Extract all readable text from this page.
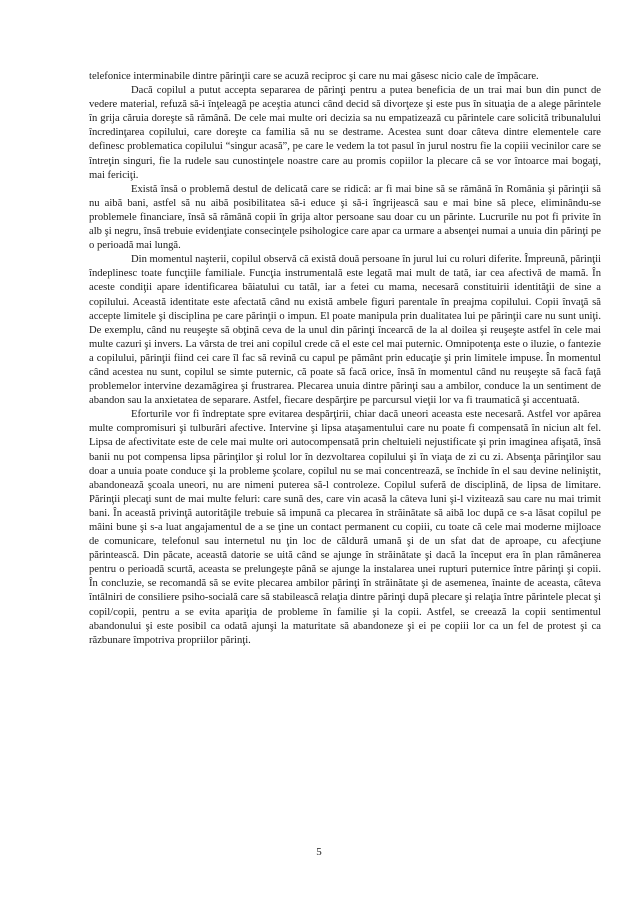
telefonice interminabile dintre părinţii care se acuză reciproc şi care nu mai găsesc nicio cale de împăcare.

Dacă copilul a putut accepta separarea de părinţi pentru a putea beneficia de un trai mai bun din punct de vedere material, refuză să-i înţeleagă pe aceştia atunci când decid să divorţeze şi este pus în situaţia de a alege părintele în grija căruia doreşte să rămână. De cele mai multe ori decizia sa nu empatizează cu părintele care solicită tribunalului încredinţarea copilului, care doreşte ca familia să nu se destrame. Acestea sunt doar câteva dintre elementele care definesc problematica copilului “singur acasă”, pe care le vedem la tot pasul în jurul nostru fie la copiii vecinilor care se întreţin singuri, fie la rudele sau cunostinţele noastre care au promis copiilor la plecare că se vor întoarce mai bogaţi, mai fericiţi.

Există însă o problemă destul de delicată care se ridică: ar fi mai bine să se rămână în România şi părinţii să nu aibă bani, astfel să nu aibă posibilitatea să-i educe şi să-i îngrijească sau e mai bine să plece, eliminându-se problemele financiare, însă să rămână copii în grija altor persoane sau doar cu un părinte. Lucrurile nu pot fi privite în alb şi negru, însă trebuie evidenţiate consecinţele psihologice care apar ca urmare a absenţei numai a unuia din părinţi pe o perioadă mai lungă.

Din momentul naşterii, copilul observă că există două persoane în jurul lui cu roluri diferite. Împreună, părinţii îndeplinesc toate funcţiile familiale. Funcţia instrumentală este legată mai mult de tată, iar cea afectivă de mamă. În aceste condiţii apare identificarea băiatului cu tatăl, iar a fetei cu mama, necesară constituirii identităţii de sine a copilului. Această identitate este afectată când nu există ambele figuri parentale în preajma copilului. Copii învaţă să accepte limitele şi disciplina pe care părinţii o impun. El poate manipula prin dualitatea lui pe părinţii care nu sunt uniţi. De exemplu, când nu reuşeşte să obţină ceva de la unul din părinţi încearcă de la al doilea şi reuşeşte astfel în cele mai multe cazuri şi invers. La vârsta de trei ani copilul crede că el este cel mai puternic. Omnipotenţa este o iluzie, o fantezie a copilului, părinţii fiind cei care îl fac să revină cu capul pe pământ prin educaţie şi prin limitele impuse. În momentul când acestea nu sunt, copilul se simte puternic, că poate să facă orice, însă în momentul când nu reuşeşte să facă faţă problemelor intervine dezamăgirea şi frustrarea. Plecarea unuia dintre părinţi sau a ambilor, conduce la un sentiment de abandon sau la anxietatea de separare. Astfel, fiecare despărţire pe parcursul vieţii lor va fi traumatică şi accentuată.

Eforturile vor fi îndreptate spre evitarea despărţirii, chiar dacă uneori aceasta este necesară. Astfel vor apărea multe compromisuri şi tulburări afective. Intervine şi lipsa ataşamentului care nu poate fi compensată în niciun alt fel. Lipsa de afectivitate este de cele mai multe ori autocompensată prin cheltuieli nejustificate şi prin imaginea afişată, însă banii nu pot compensa lipsa părinţilor şi rolul lor în dezvoltarea copilului şi în viaţa de zi cu zi. Absenţa părinţilor sau doar a unuia poate conduce şi la probleme şcolare, copilul nu se mai concentrează, se închide în el sau devine neliniştit, abandonează şcoala uneori, nu are nimeni puterea să-l controleze. Copilul suferă de disciplină, de lipsa de limitare. Părinţii plecaţi sunt de mai multe feluri: care sună des, care vin acasă la câteva luni şi-l vizitează sau care nu mai trimit bani. În această privinţă autorităţile trebuie să impună ca plecarea în străinătate să aibă loc după ce s-a lăsat copilul pe mâini bune şi s-a luat angajamentul de a se ţine un contact permanent cu copiii, cu toate că cele mai moderne mijloace de comunicare, telefonul sau internetul nu ţin loc de căldură umană şi de un sfat dat de aproape, cu afecţiune părintească. Din păcate, această datorie se uită când se ajunge în străinătate şi dacă la început era în plan rămânerea pentru o perioadă scurtă, aceasta se prelungeşte până se ajunge la instalarea unei rupturi puternice între părinţi şi copii. În concluzie, se recomandă să se evite plecarea ambilor părinţi în străinătate şi de asemenea, înainte de aceasta, câteva întâlniri de consiliere psiho-socială care să stabilească relaţia dintre părinţi după plecare şi relaţia între părintele plecat şi copil/copii, pentru a se evita apariţia de probleme în familie şi la copii. Astfel, se creează la copii sentimentul abandonului şi este posibil ca odată ajunşi la maturitate să abandoneze şi ei pe copiii lor ca un fel de protest şi ca răzbunare împotriva propriilor părinţi.

5
